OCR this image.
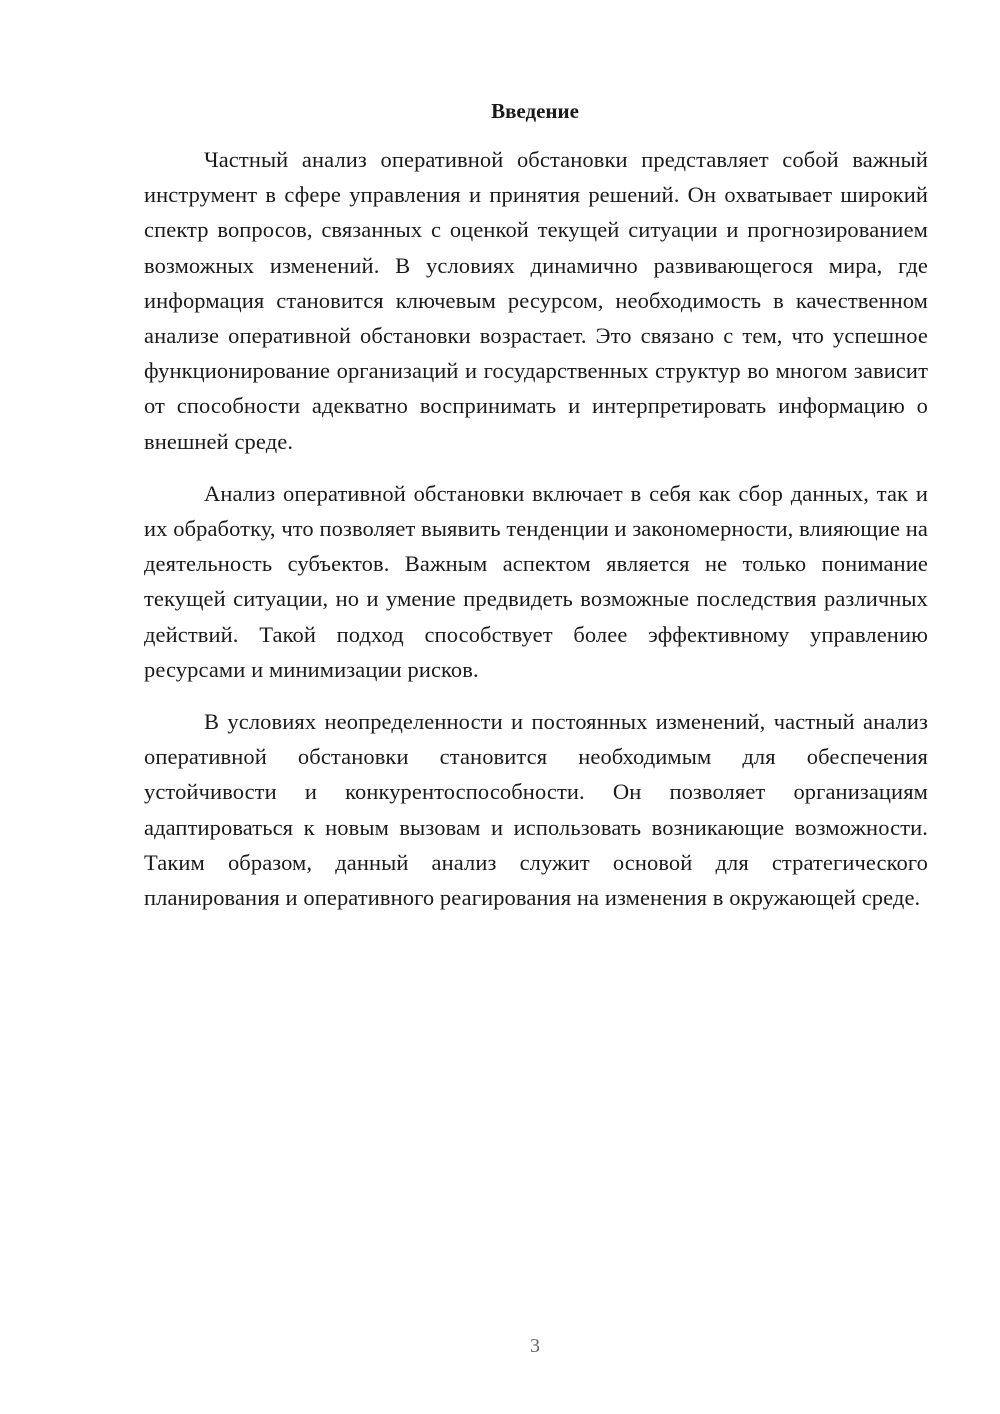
Введение

Частный анализ оперативной обстановки представляет собой важный инструмент в сфере управления и принятия решений. Он охватывает широкий спектр вопросов, связанных с оценкой текущей ситуации и прогнозированием возможных изменений. В условиях динамично развивающегося мира, где информация становится ключевым ресурсом, необходимость в качественном анализе оперативной обстановки возрастает. Это связано с тем, что успешное функционирование организаций и государственных структур во многом зависит от способности адекватно воспринимать и интерпретировать информацию о внешней среде.

Анализ оперативной обстановки включает в себя как сбор данных, так и их обработку, что позволяет выявить тенденции и закономерности, влияющие на деятельность субъектов. Важным аспектом является не только понимание текущей ситуации, но и умение предвидеть возможные последствия различных действий. Такой подход способствует более эффективному управлению ресурсами и минимизации рисков.

В условиях неопределенности и постоянных изменений, частный анализ оперативной обстановки становится необходимым для обеспечения устойчивости и конкурентоспособности. Он позволяет организациям адаптироваться к новым вызовам и использовать возникающие возможности. Таким образом, данный анализ служит основой для стратегического планирования и оперативного реагирования на изменения в окружающей среде.

3
